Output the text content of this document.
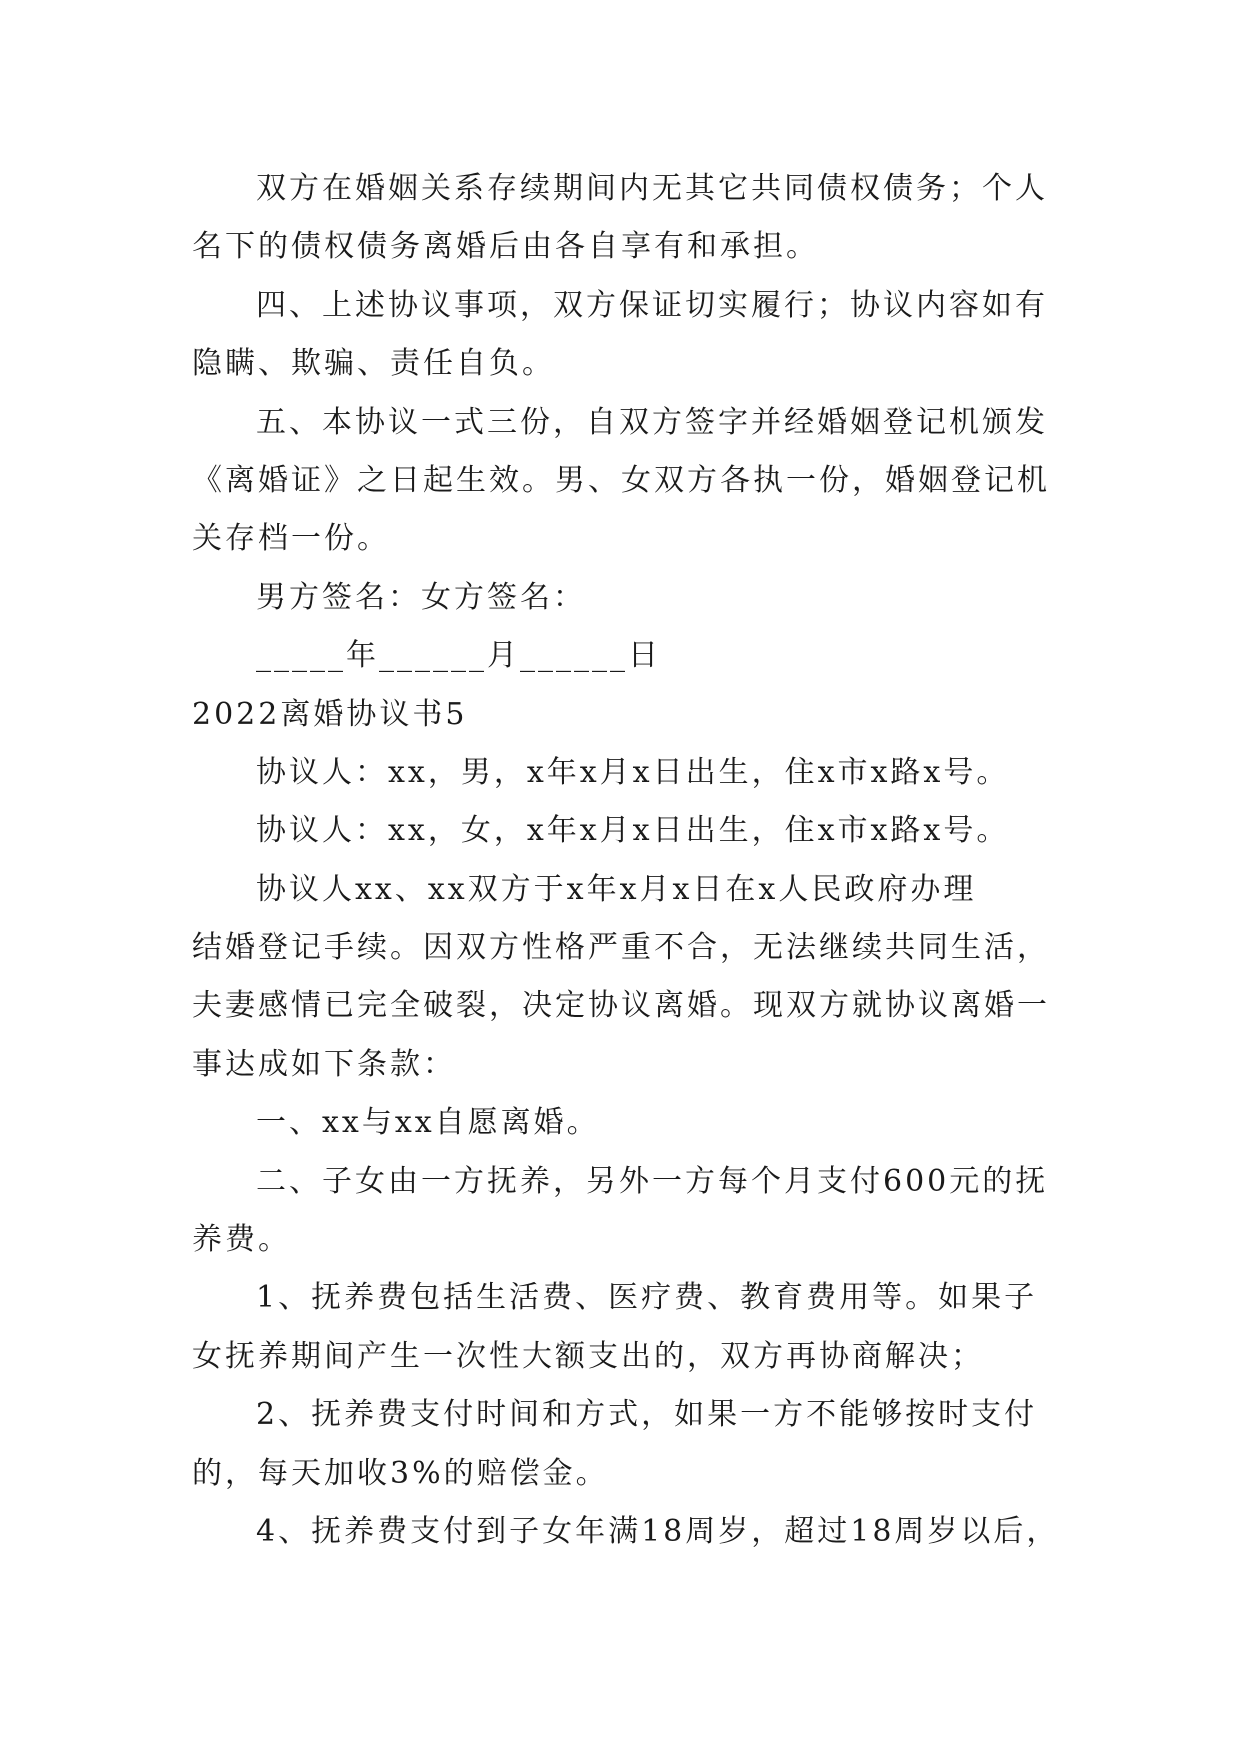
双方在婚姻关系存续期间内无其它共同债权债务；个人
名下的债权债务离婚后由各自享有和承担。
四、上述协议事项，双方保证切实履行；协议内容如有
隐瞒、欺骗、责任自负。
五、本协议一式三份，自双方签字并经婚姻登记机颁发
《离婚证》之日起生效。男、女双方各执一份，婚姻登记机
关存档一份。
男方签名：女方签名：
_____年______月______日
2022离婚协议书5
协议人：xx，男，x年x月x日出生，住x市x路x号。
协议人：xx，女，x年x月x日出生，住x市x路x号。
协议人xx、xx双方于x年x月x日在x人民政府办理
结婚登记手续。因双方性格严重不合，无法继续共同生活，
夫妻感情已完全破裂，决定协议离婚。现双方就协议离婚一
事达成如下条款：
一、xx与xx自愿离婚。
二、子女由一方抚养，另外一方每个月支付600元的抚
养费。
1、抚养费包括生活费、医疗费、教育费用等。如果子
女抚养期间产生一次性大额支出的，双方再协商解决；
2、抚养费支付时间和方式，如果一方不能够按时支付
的，每天加收3%的赔偿金。
4、抚养费支付到子女年满18周岁，超过18周岁以后，
